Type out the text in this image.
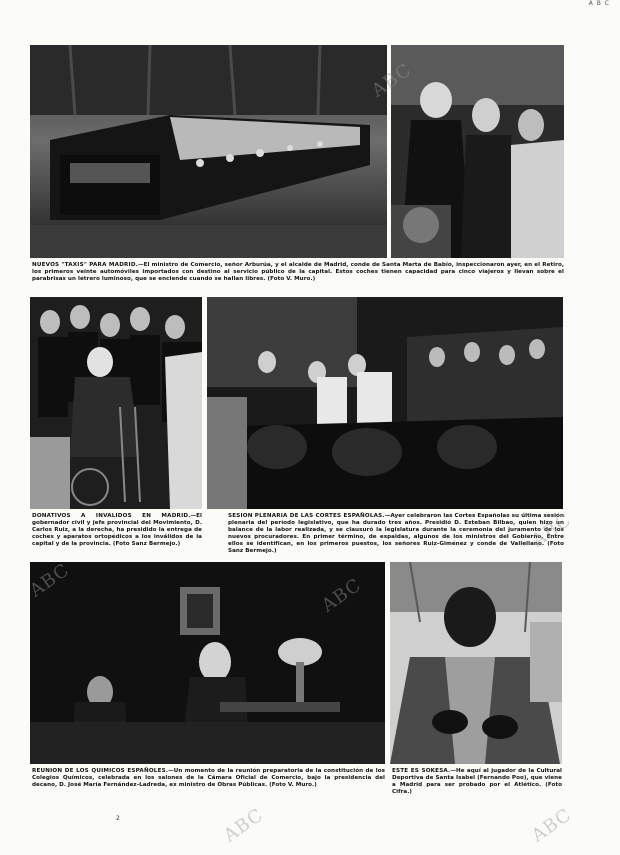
A B C

NUEVOS "TAXIS" PARA MADRID.—El ministro de Comercio, señor Arburúa, y el alcalde de Madrid, conde de Santa Marta de Babío, inspeccionaron ayer, en el Retiro, los primeros veinte automóviles importados con destino al servicio público de la capital. Estos coches tienen capacidad para cinco viajeros y llevan sobre el parabrisas un letrero luminoso, que se enciende cuando se hallan libres. (Foto V. Muro.)

DONATIVOS A INVALIDOS EN MADRID.—El gobernador civil y jefe provincial del Movimiento, D. Carlos Ruiz, a la derecha, ha presidido la entrega de coches y aparatos ortopédicos a los inválidos de la capital y de la provincia. (Foto Sanz Bermejo.)

SESION PLENARIA DE LAS CORTES ESPAÑOLAS.—Ayer celebraron las Cortes Españolas su última sesión plenaria del período legislativo, que ha durado tres años. Presidió D. Esteban Bilbao, quien hizo un balance de la labor realizada, y se clausuró la legislatura durante la ceremonia del juramento de los nuevos procuradores. En primer término, de espaldas, algunos de los ministros del Gobierno. Entre ellos se identifican, en los primeros puestos, los señores Ruiz-Giménez y conde de Vallellano. (Foto Sanz Bermejo.)

REUNION DE LOS QUIMICOS ESPAÑOLES.—Un momento de la reunión preparatoria de la constitución de los Colegios Químicos, celebrada en los salones de la Cámara Oficial de Comercio, bajo la presidencia del decano, D. José María Fernández-Ladreda, ex ministro de Obras Públicas. (Foto V. Muro.)

ESTE ES SOKESA.—He aquí al jugador de la Cultural Deportiva de Santa Isabel (Fernando Poo), que viene a Madrid para ser probado por el Atlético. (Foto Cifra.)

2
ABC
ABC
ABC
ABC
ABC	ABC
